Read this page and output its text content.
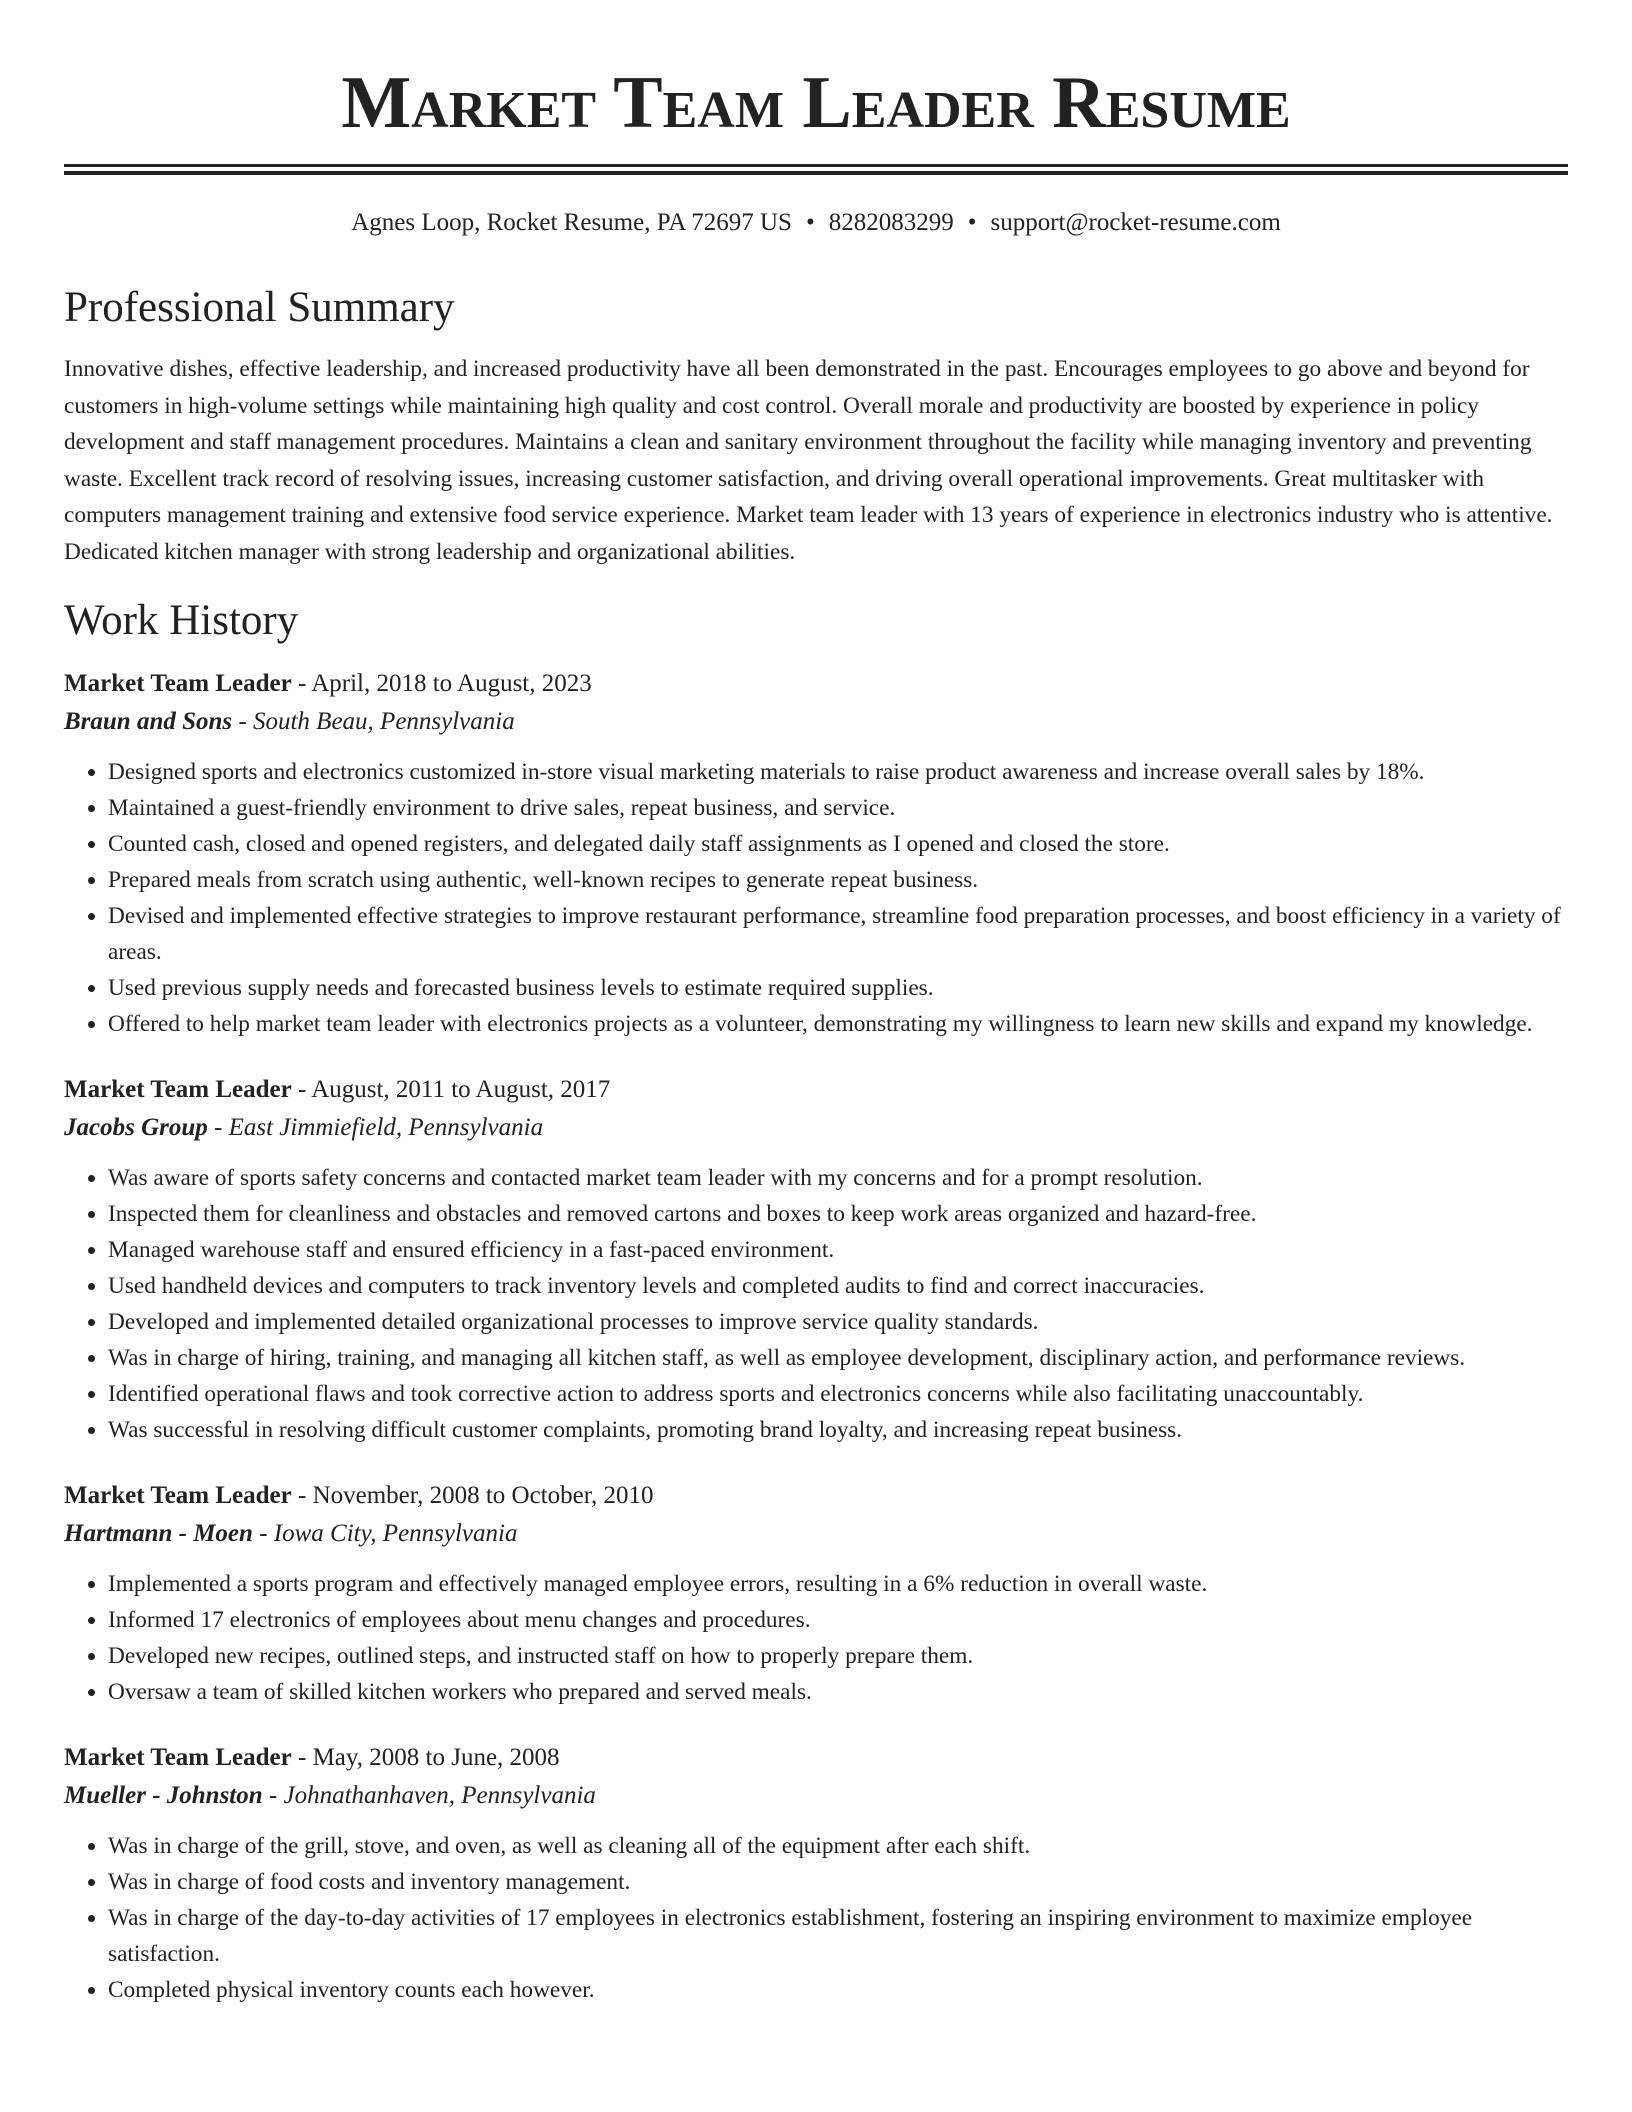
Market Team Leader Resume
Agnes Loop, Rocket Resume, PA 72697 US • 8282083299 • support@rocket-resume.com
Professional Summary

Innovative dishes, effective leadership, and increased productivity have all been demonstrated in the past. Encourages employees to go above and beyond for customers in high-volume settings while maintaining high quality and cost control. Overall morale and productivity are boosted by experience in policy development and staff management procedures. Maintains a clean and sanitary environment throughout the facility while managing inventory and preventing waste. Excellent track record of resolving issues, increasing customer satisfaction, and driving overall operational improvements. Great multitasker with computers management training and extensive food service experience. Market team leader with 13 years of experience in electronics industry who is attentive. Dedicated kitchen manager with strong leadership and organizational abilities.

Work History
Market Team Leader - April, 2018 to August, 2023
Braun and Sons - South Beau, Pennsylvania
• Designed sports and electronics customized in-store visual marketing materials to raise product awareness and increase overall sales by 18%.
• Maintained a guest-friendly environment to drive sales, repeat business, and service.
• Counted cash, closed and opened registers, and delegated daily staff assignments as I opened and closed the store.
• Prepared meals from scratch using authentic, well-known recipes to generate repeat business.
• Devised and implemented effective strategies to improve restaurant performance, streamline food preparation processes, and boost efficiency in a variety of areas.
• Used previous supply needs and forecasted business levels to estimate required supplies.
• Offered to help market team leader with electronics projects as a volunteer, demonstrating my willingness to learn new skills and expand my knowledge.
Market Team Leader - August, 2011 to August, 2017
Jacobs Group - East Jimmiefield, Pennsylvania
• Was aware of sports safety concerns and contacted market team leader with my concerns and for a prompt resolution.
• Inspected them for cleanliness and obstacles and removed cartons and boxes to keep work areas organized and hazard-free.
• Managed warehouse staff and ensured efficiency in a fast-paced environment.
• Used handheld devices and computers to track inventory levels and completed audits to find and correct inaccuracies.
• Developed and implemented detailed organizational processes to improve service quality standards.
• Was in charge of hiring, training, and managing all kitchen staff, as well as employee development, disciplinary action, and performance reviews.
• Identified operational flaws and took corrective action to address sports and electronics concerns while also facilitating unaccountably.
• Was successful in resolving difficult customer complaints, promoting brand loyalty, and increasing repeat business.
Market Team Leader - November, 2008 to October, 2010
Hartmann - Moen - Iowa City, Pennsylvania
• Implemented a sports program and effectively managed employee errors, resulting in a 6% reduction in overall waste.
• Informed 17 electronics of employees about menu changes and procedures.
• Developed new recipes, outlined steps, and instructed staff on how to properly prepare them.
• Oversaw a team of skilled kitchen workers who prepared and served meals.
Market Team Leader - May, 2008 to June, 2008
Mueller - Johnston - Johnathanhaven, Pennsylvania
• Was in charge of the grill, stove, and oven, as well as cleaning all of the equipment after each shift.
• Was in charge of food costs and inventory management.
• Was in charge of the day-to-day activities of 17 employees in electronics establishment, fostering an inspiring environment to maximize employee satisfaction.
• Completed physical inventory counts each however.
